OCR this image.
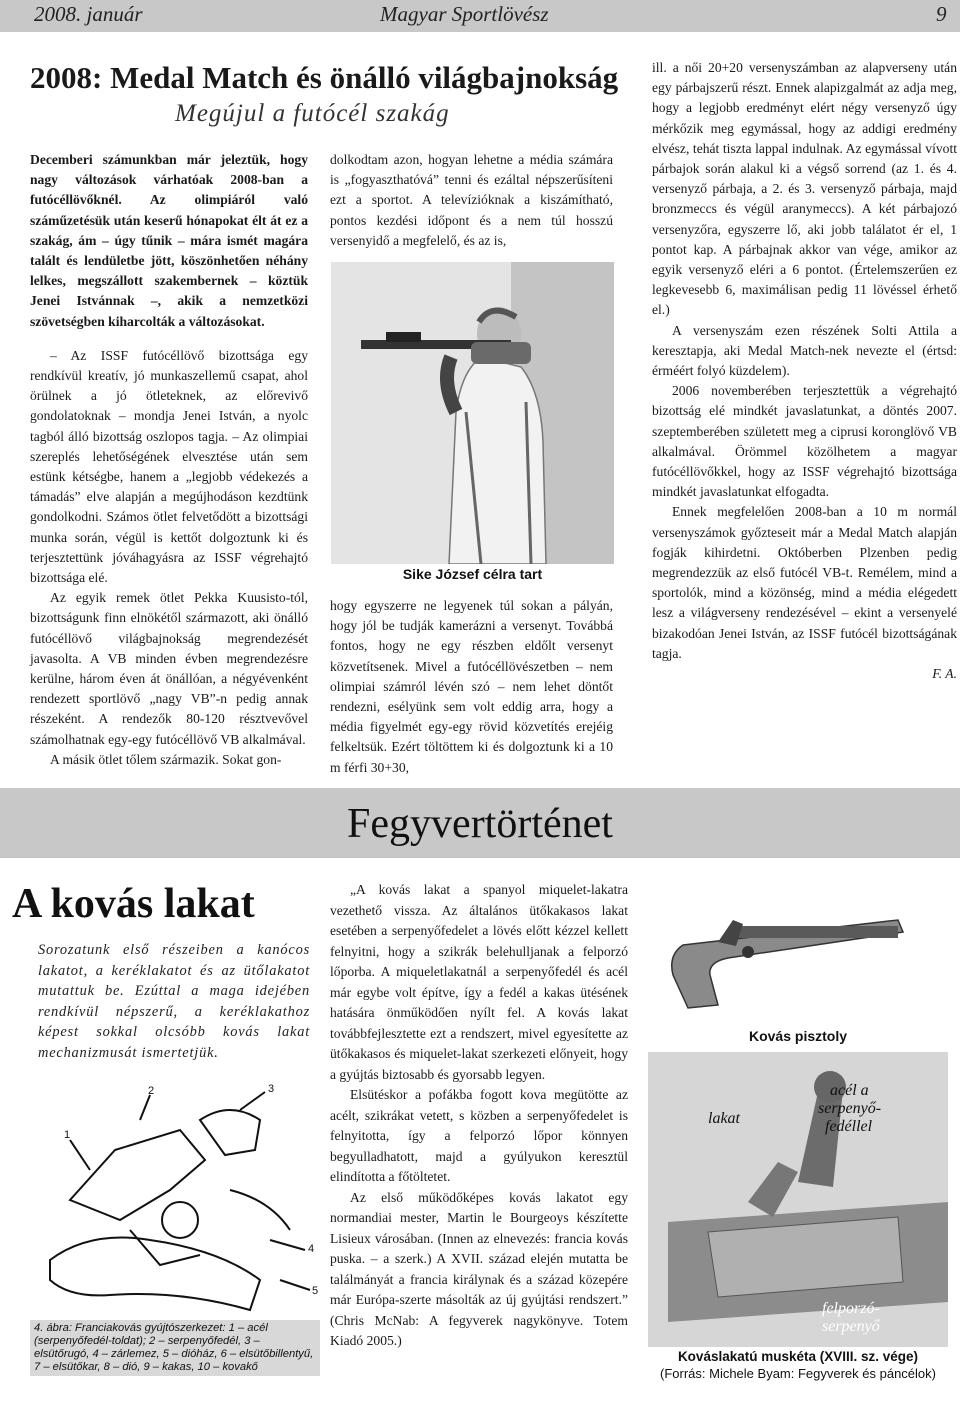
2008. január	Magyar Sportlövész	9
2008: Medal Match és önálló világbajnokság
Megújul a futócél szakág

Decemberi számunkban már jeleztük, hogy nagy változások várhatóak 2008-ban a futócéllövőknél. Az olimpiáról való száműzetésük után keserű hónapokat élt át ez a szakág, ám – úgy tűnik – mára ismét magára talált és lendületbe jött, köszönhetően néhány lelkes, megszállott szakembernek – köztük Jenei Istvánnak –, akik a nemzetközi szövetségben kiharcolták a változásokat.

– Az ISSF futócéllövő bizottsága egy rendkívül kreatív, jó munkaszellemű csapat, ahol örülnek a jó ötleteknek, az előrevivő gondolatoknak – mondja Jenei István, a nyolc tagból álló bizottság oszlopos tagja. – Az olimpiai szereplés lehetőségének elvesztése után sem estünk kétségbe, hanem a „legjobb védekezés a támadás” elve alapján a megújhodáson kezdtünk gondolkodni. Számos ötlet felvetődött a bizottsági munka során, végül is kettőt dolgoztunk ki és terjesztettünk jóváhagyásra az ISSF végrehajtó bizottsága elé.

Az egyik remek ötlet Pekka Kuusisto-tól, bizottságunk finn elnökétől származott, aki önálló futócéllövő világbajnokság megrendezését javasolta. A VB minden évben megrendezésre kerülne, három éven át önállóan, a négyévenként rendezett sportlövő „nagy VB”-n pedig annak részeként. A rendezők 80-120 résztvevővel számolhatnak egy-egy futócéllövő VB alkalmával.

A másik ötlet tőlem származik. Sokat gon-

dolkodtam azon, hogyan lehetne a média számára is „fogyaszthatóvá” tenni és ezáltal népszerűsíteni ezt a sportot. A televízióknak a kiszámítható, pontos kezdési időpont és a nem túl hosszú versenyidő a megfelelő, és az is,

Sike József célra tart

hogy egyszerre ne legyenek túl sokan a pályán, hogy jól be tudják kamerázni a versenyt. Továbbá fontos, hogy ne egy részben eldőlt versenyt közvetítsenek. Mivel a futócéllövészetben – nem olimpiai számról lévén szó – nem lehet döntőt rendezni, esélyünk sem volt eddig arra, hogy a média figyelmét egy-egy rövid közvetítés erejéig felkeltsük. Ezért töltöttem ki és dolgoztunk ki a 10 m férfi 30+30,

ill. a női 20+20 versenyszámban az alapverseny után egy párbajszerű részt. Ennek alapizgalmát az adja meg, hogy a legjobb eredményt elért négy versenyző úgy mérkőzik meg egymással, hogy az addigi eredmény elvész, tehát tiszta lappal indulnak. Az egymással vívott párbajok során alakul ki a végső sorrend (az 1. és 4. versenyző párbaja, a 2. és 3. versenyző párbaja, majd bronzmeccs és végül aranymeccs). A két párbajozó versenyzőra, egyszerre lő, aki jobb találatot ér el, 1 pontot kap. A párbajnak akkor van vége, amikor az egyik versenyző eléri a 6 pontot. (Értelemszerűen ez legkevesebb 6, maximálisan pedig 11 lövéssel érhető el.)

A versenyszám ezen részének Solti Attila a keresztapja, aki Medal Match-nek nevezte el (értsd: érméért folyó küzdelem).

2006 novemberében terjesztettük a végrehajtó bizottság elé mindkét javaslatunkat, a döntés 2007. szeptemberében született meg a ciprusi koronglövő VB alkalmával. Örömmel közölhetem a magyar futócéllövőkkel, hogy az ISSF végrehajtó bizottsága mindkét javaslatunkat elfogadta.

Ennek megfelelően 2008-ban a 10 m normál versenyszámok győzteseit már a Medal Match alapján fogják kihirdetni. Októberben Plzenben pedig megrendezzük az első futócél VB-t. Remélem, mind a sportolók, mind a közönség, mind a média elégedett lesz a világverseny rendezésével – ekint a versenyelé bizakodóan Jenei István, az ISSF futócél bizottságának tagja.

F. A.

Fegyvertörténet
A kovás lakat
Sorozatunk első részeiben a kanócos lakatot, a keréklakatot és az ütőlakatot mutattuk be. Ezúttal a maga idejében rendkívül népszerű, a keréklakathoz képest sokkal olcsóbb kovás lakat mechanizmusát ismertetjük.
1
2	3
4
5
4. ábra: Franciakovás gyújtószerkezet: 1 – acél (serpenyőfedél-toldat); 2 – serpenyőfedél, 3 – elsütőrugó, 4 – zárlemez, 5 – dióház, 6 – elsütőbillentyű, 7 – elsütőkar, 8 – dió, 9 – kakas, 10 – kovakő

„A kovás lakat a spanyol miquelet-lakatra vezethető vissza. Az általános ütőkakasos lakat esetében a serpenyőfedelet a lövés előtt kézzel kellett felnyitni, hogy a szikrák belehulljanak a felporzó lőporba. A miqueletlakatnál a serpenyőfedél és acél már egybe volt építve, így a fedél a kakas ütésének hatására önműködően nyílt fel. A kovás lakat továbbfejlesztette ezt a rendszert, mivel egyesítette az ütőkakasos és miquelet-lakat szerkezeti előnyeit, hogy a gyújtás biztosabb és gyorsabb legyen.

Elsütéskor a pofákba fogott kova megütötte az acélt, szikrákat vetett, s közben a serpenyőfedelet is felnyitotta, így a felporzó lőpor könnyen begyulladhatott, majd a gyúlyukon keresztül elindította a főtöltetet.

Az első működőképes kovás lakatot egy normandiai mester, Martin le Bourgeoys készítette Lisieux városában. (Innen az elnevezés: francia kovás puska. – a szerk.) A XVII. század elején mutatta be találmányát a francia királynak és a század közepére már Európa-szerte másolták az új gyújtási rendszert.” (Chris McNab: A fegyverek nagykönyve. Totem Kiadó 2005.)

Kovás pisztoly
lakat
acél a
serpenyő-
fedéllel
felporzó-
serpenyő
Kováslakatú muskéta (XVIII. sz. vége)
(Forrás: Michele Byam: Fegyverek és páncélok)
